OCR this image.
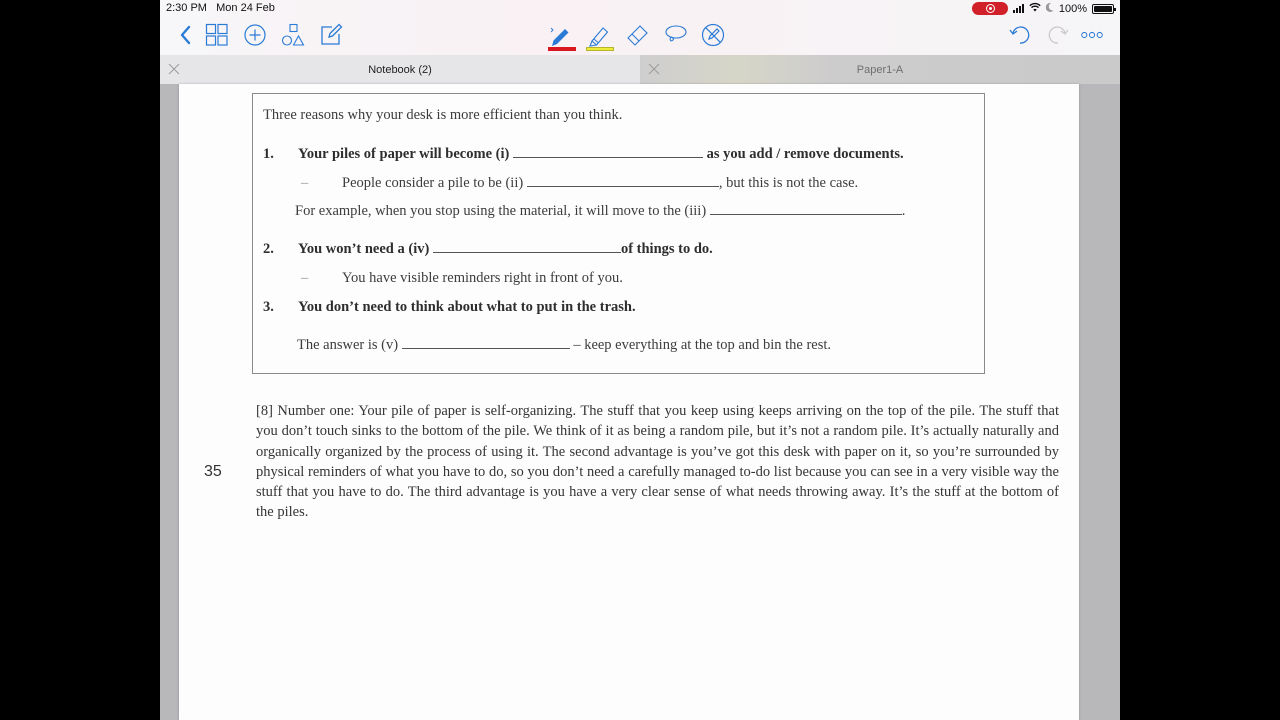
2:30 PM Mon 24 Feb	100%
Notebook (2)	Paper1-A
Three reasons why your desk is more efficient than you think.
1. Your piles of paper will become (i)	as you add / remove documents.
– People consider a pile to be (ii)	, but this is not the case.
For example, when you stop using the material, it will move to the (iii)	.
2. You won’t need a (iv)	of things to do.
– You have visible reminders right in front of you.
3. You don’t need to think about what to put in the trash.
The answer is (v)	– keep everything at the top and bin the rest.
35
[8] Number one: Your pile of paper is self-organizing. The stuff that you keep using keeps arriving on the top of the pile. The stuff that you don’t touch sinks to the bottom of the pile. We think of it as being a random pile, but it’s not a random pile. It’s actually naturally and organically organized by the process of using it. The second advantage is you’ve got this desk with paper on it, so you’re surrounded by physical reminders of what you have to do, so you don’t need a carefully managed to-do list because you can see in a very visible way the stuff that you have to do. The third advantage is you have a very clear sense of what needs throwing away. It’s the stuff at the bottom of the piles.
